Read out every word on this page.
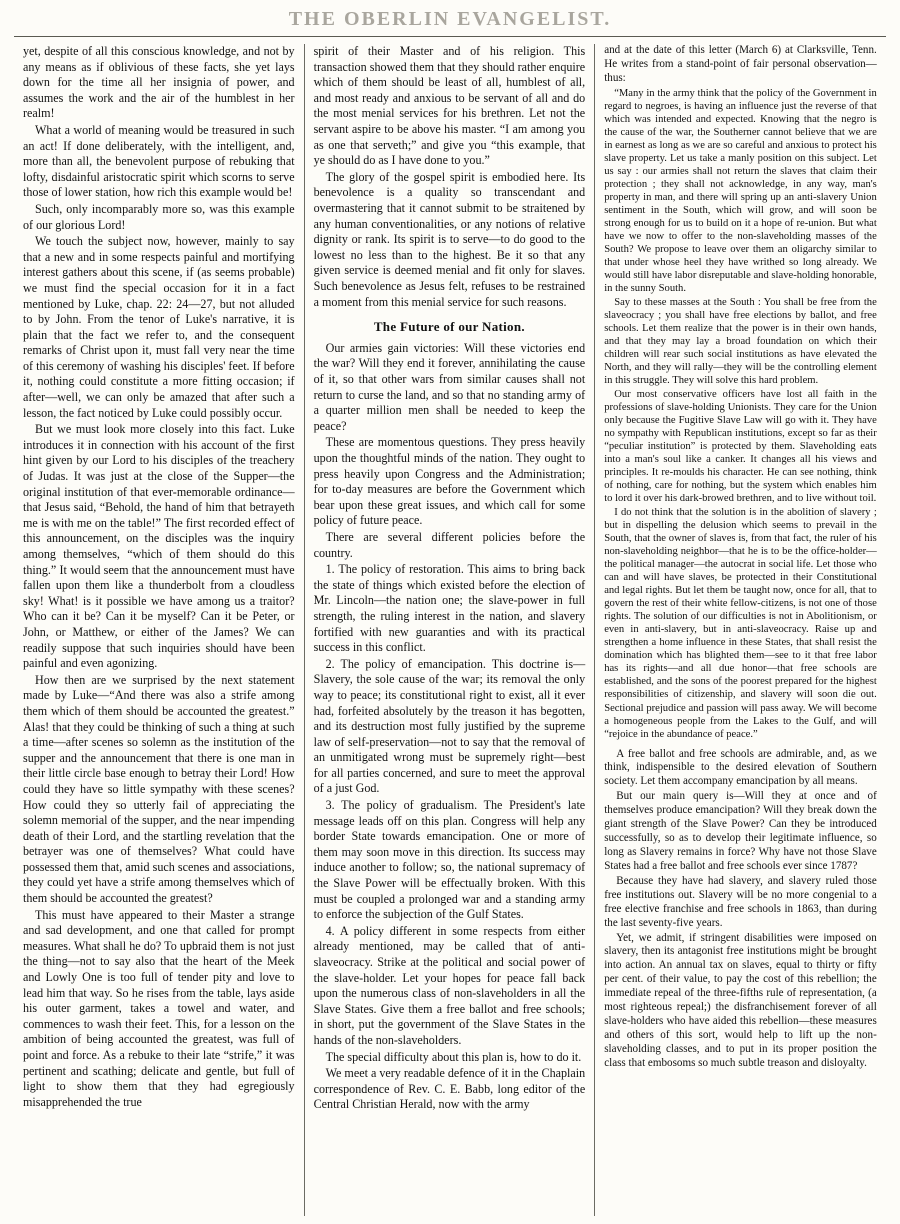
THE OBERLIN EVANGELIST.

yet, despite of all this conscious knowledge, and not by any means as if oblivious of these facts, she yet lays down for the time all her insignia of power, and assumes the work and the air of the humblest in her realm!

What a world of meaning would be treasured in such an act! If done deliberately, with the intelligent, and, more than all, the benevolent purpose of rebuking that lofty, disdainful aristocratic spirit which scorns to serve those of lower station, how rich this example would be!

Such, only incomparably more so, was this example of our glorious Lord!

We touch the subject now, however, mainly to say that a new and in some respects painful and mortifying interest gathers about this scene, if (as seems probable) we must find the special occasion for it in a fact mentioned by Luke, chap. 22: 24—27, but not alluded to by John. From the tenor of Luke's narrative, it is plain that the fact we refer to, and the consequent remarks of Christ upon it, must fall very near the time of this ceremony of washing his disciples' feet. If before it, nothing could constitute a more fitting occasion; if after—well, we can only be amazed that after such a lesson, the fact noticed by Luke could possibly occur.

But we must look more closely into this fact. Luke introduces it in connection with his account of the first hint given by our Lord to his disciples of the treachery of Judas. It was just at the close of the Supper—the original institution of that ever-memorable ordinance—that Jesus said, “Behold, the hand of him that betrayeth me is with me on the table!” The first recorded effect of this announcement, on the disciples was the inquiry among themselves, “which of them should do this thing.” It would seem that the announcement must have fallen upon them like a thunderbolt from a cloudless sky! What! is it possible we have among us a traitor? Who can it be? Can it be myself? Can it be Peter, or John, or Matthew, or either of the James? We can readily suppose that such inquiries should have been painful and even agonizing.

How then are we surprised by the next statement made by Luke—“And there was also a strife among them which of them should be accounted the greatest.” Alas! that they could be thinking of such a thing at such a time—after scenes so solemn as the institution of the supper and the announcement that there is one man in their little circle base enough to betray their Lord! How could they have so little sympathy with these scenes? How could they so utterly fail of appreciating the solemn memorial of the supper, and the near impending death of their Lord, and the startling revelation that the betrayer was one of themselves? What could have possessed them that, amid such scenes and associations, they could yet have a strife among themselves which of them should be accounted the greatest?

This must have appeared to their Master a strange and sad development, and one that called for prompt measures. What shall he do? To upbraid them is not just the thing—not to say also that the heart of the Meek and Lowly One is too full of tender pity and love to lead him that way. So he rises from the table, lays aside his outer garment, takes a towel and water, and commences to wash their feet. This, for a lesson on the ambition of being accounted the greatest, was full of point and force. As a rebuke to their late “strife,” it was pertinent and scathing; delicate and gentle, but full of light to show them that they had egregiously misapprehended the true

spirit of their Master and of his religion. This transaction showed them that they should rather enquire which of them should be least of all, humblest of all, and most ready and anxious to be servant of all and do the most menial services for his brethren. Let not the servant aspire to be above his master. “I am among you as one that serveth;” and give you “this example, that ye should do as I have done to you.”

The glory of the gospel spirit is embodied here. Its benevolence is a quality so transcendant and overmastering that it cannot submit to be straitened by any human conventionalities, or any notions of relative dignity or rank. Its spirit is to serve—to do good to the lowest no less than to the highest. Be it so that any given service is deemed menial and fit only for slaves. Such benevolence as Jesus felt, refuses to be restrained a moment from this menial service for such reasons.

The Future of our Nation.

Our armies gain victories: Will these victories end the war? Will they end it forever, annihilating the cause of it, so that other wars from similar causes shall not return to curse the land, and so that no standing army of a quarter million men shall be needed to keep the peace?

These are momentous questions. They press heavily upon the thoughtful minds of the nation. They ought to press heavily upon Congress and the Administration; for to-day measures are before the Government which bear upon these great issues, and which call for some policy of future peace.

There are several different policies before the country.

1. The policy of restoration. This aims to bring back the state of things which existed before the election of Mr. Lincoln—the nation one; the slave-power in full strength, the ruling interest in the nation, and slavery fortified with new guaranties and with its practical success in this conflict.

2. The policy of emancipation. This doctrine is—Slavery, the sole cause of the war; its removal the only way to peace; its constitutional right to exist, all it ever had, forfeited absolutely by the treason it has begotten, and its destruction most fully justified by the supreme law of self-preservation—not to say that the removal of an unmitigated wrong must be supremely right—best for all parties concerned, and sure to meet the approval of a just God.

3. The policy of gradualism. The President's late message leads off on this plan. Congress will help any border State towards emancipation. One or more of them may soon move in this direction. Its success may induce another to follow; so, the national supremacy of the Slave Power will be effectually broken. With this must be coupled a prolonged war and a standing army to enforce the subjection of the Gulf States.

4. A policy different in some respects from either already mentioned, may be called that of anti-slaveocracy. Strike at the political and social power of the slave-holder. Let your hopes for peace fall back upon the numerous class of non-slaveholders in all the Slave States. Give them a free ballot and free schools; in short, put the government of the Slave States in the hands of the non-slaveholders.

The special difficulty about this plan is, how to do it.

We meet a very readable defence of it in the Chaplain correspondence of Rev. C. E. Babb, long editor of the Central Christian Herald, now with the army

and at the date of this letter (March 6) at Clarksville, Tenn. He writes from a stand-point of fair personal observation—thus:

“Many in the army think that the policy of the Government in regard to negroes, is having an influence just the reverse of that which was intended and expected. Knowing that the negro is the cause of the war, the Southerner cannot believe that we are in earnest as long as we are so careful and anxious to protect his slave property. Let us take a manly position on this subject. Let us say : our armies shall not return the slaves that claim their protection ; they shall not acknowledge, in any way, man's property in man, and there will spring up an anti-slavery Union sentiment in the South, which will grow, and will soon be strong enough for us to build on it a hope of re-union. But what have we now to offer to the non-slaveholding masses of the South? We propose to leave over them an oligarchy similar to that under whose heel they have writhed so long already. We would still have labor disreputable and slave-holding honorable, in the sunny South.

Say to these masses at the South : You shall be free from the slaveocracy ; you shall have free elections by ballot, and free schools. Let them realize that the power is in their own hands, and that they may lay a broad foundation on which their children will rear such social institutions as have elevated the North, and they will rally—they will be the controlling element in this struggle. They will solve this hard problem.

Our most conservative officers have lost all faith in the professions of slave-holding Unionists. They care for the Union only because the Fugitive Slave Law will go with it. They have no sympathy with Republican institutions, except so far as their “peculiar institution” is protected by them. Slaveholding eats into a man's soul like a canker. It changes all his views and principles. It re-moulds his character. He can see nothing, think of nothing, care for nothing, but the system which enables him to lord it over his dark-browed brethren, and to live without toil.

I do not think that the solution is in the abolition of slavery ; but in dispelling the delusion which seems to prevail in the South, that the owner of slaves is, from that fact, the ruler of his non-slaveholding neighbor—that he is to be the office-holder—the political manager—the autocrat in social life. Let those who can and will have slaves, be protected in their Constitutional and legal rights. But let them be taught now, once for all, that to govern the rest of their white fellow-citizens, is not one of those rights. The solution of our difficulties is not in Abolitionism, or even in anti-slavery, but in anti-slaveocracy. Raise up and strengthen a home influence in these States, that shall resist the domination which has blighted them—see to it that free labor has its rights—and all due honor—that free schools are established, and the sons of the poorest prepared for the highest responsibilities of citizenship, and slavery will soon die out. Sectional prejudice and passion will pass away. We will become a homogeneous people from the Lakes to the Gulf, and will “rejoice in the abundance of peace.”

A free ballot and free schools are admirable, and, as we think, indispensible to the desired elevation of Southern society. Let them accompany emancipation by all means.

But our main query is—Will they at once and of themselves produce emancipation? Will they break down the giant strength of the Slave Power? Can they be introduced successfully, so as to develop their legitimate influence, so long as Slavery remains in force? Why have not those Slave States had a free ballot and free schools ever since 1787?

Because they have had slavery, and slavery ruled those free institutions out. Slavery will be no more congenial to a free elective franchise and free schools in 1863, than during the last seventy-five years.

Yet, we admit, if stringent disabilities were imposed on slavery, then its antagonist free institutions might be brought into action. An annual tax on slaves, equal to thirty or fifty per cent. of their value, to pay the cost of this rebellion; the immediate repeal of the three-fifths rule of representation, (a most righteous repeal;) the disfranchisement forever of all slave-holders who have aided this rebellion—these measures and others of this sort, would help to lift up the non-slaveholding classes, and to put in its proper position the class that embosoms so much subtle treason and disloyalty.
